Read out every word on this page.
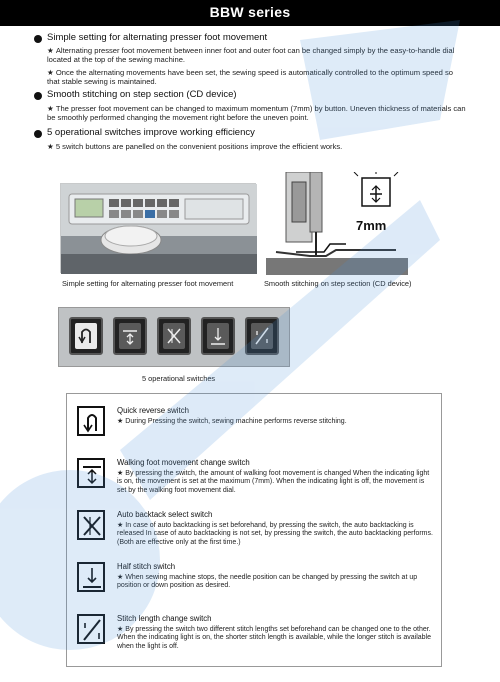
BBW series
Simple setting for alternating presser foot movement
★ Alternating presser foot movement between inner foot and outer foot can be changed simply by the easy-to-handle dial located at the top of the sewing machine.
★ Once the alternating movements have been set, the sewing speed is automatically controlled to the optimum speed so that stable sewing is maintained.
Smooth stitching on step section (CD device)
★ The presser foot movement can be changed to maximum momentum (7mm) by button. Uneven thickness of materials can be smoothly performed changing the movement right before the uneven point.
5 operational switches improve working efficiency
★ 5 switch buttons are panelled on the convenient positions improve the efficient works.
Simple setting for alternating presser foot movement
7mm
Smooth stitching on step section (CD device)
5 operational switches
Quick reverse switch
★ During Pressing the switch, sewing machine performs reverse stitching.
Walking foot movement change switch
★ By pressing the switch, the amount of walking foot movement is changed When the indicating light is on, the movement is set at the maximum (7mm). When the indicating light is off, the movement is set by the walking foot movement dial.
Auto backtack select switch
★ In case of auto backtacking is set beforehand, by pressing the switch, the auto backtacking is released In case of auto backtacking is not set, by pressing the switch, the auto backtacking performs. (Both are effective only at the first time.)
Half stitch switch
★ When sewing machine stops, the needle position can be changed by pressing the switch at up position or down position as desired.
Stitch length change switch
★ By pressing the switch two different stitch lengths set beforehand can be changed one to the other. When the indicating light is on, the shorter stitch length is available, while the longer stitch is available when the light is off.
